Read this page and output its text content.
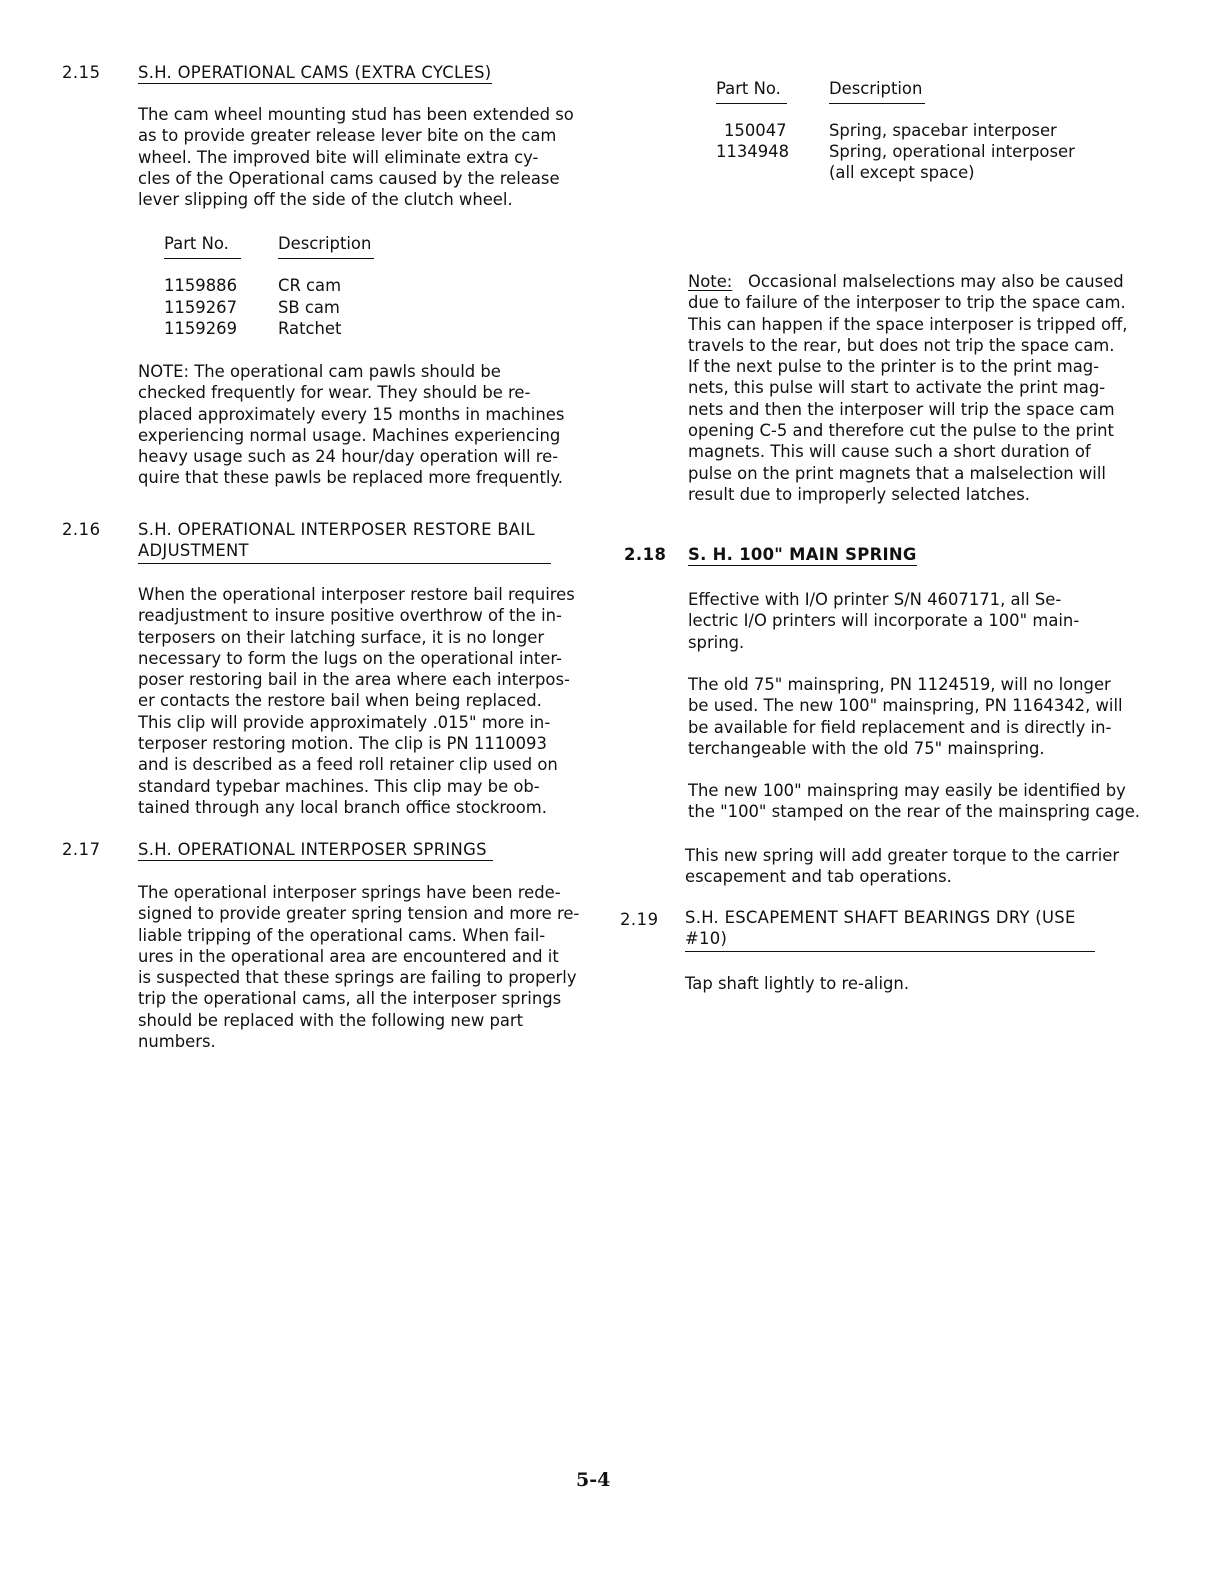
2.15 S.H. OPERATIONAL CAMS (EXTRA CYCLES)
The cam wheel mounting stud has been extended so
as to provide greater release lever bite on the cam
wheel. The improved bite will eliminate extra cy-
cles of the Operational cams caused by the release
lever slipping off the side of the clutch wheel.
Part No.	Description
1159886	CR cam
1159267	SB cam
1159269	Ratchet
NOTE: The operational cam pawls should be
checked frequently for wear. They should be re-
placed approximately every 15 months in machines
experiencing normal usage. Machines experiencing
heavy usage such as 24 hour/day operation will re-
quire that these pawls be replaced more frequently.
2.16 S.H. OPERATIONAL INTERPOSER RESTORE BAIL
ADJUSTMENT
When the operational interposer restore bail requires
readjustment to insure positive overthrow of the in-
terposers on their latching surface, it is no longer
necessary to form the lugs on the operational inter-
poser restoring bail in the area where each interpos-
er contacts the restore bail when being replaced.
This clip will provide approximately .015" more in-
terposer restoring motion. The clip is PN 1110093
and is described as a feed roll retainer clip used on
standard typebar machines. This clip may be ob-
tained through any local branch office stockroom.
2.17 S.H. OPERATIONAL INTERPOSER SPRINGS
The operational interposer springs have been rede-
signed to provide greater spring tension and more re-
liable tripping of the operational cams. When fail-
ures in the operational area are encountered and it
is suspected that these springs are failing to properly
trip the operational cams, all the interposer springs
should be replaced with the following new part
numbers.
Part No.	Description
150047	Spring, spacebar interposer
1134948 Spring, operational interposer
(all except space)
Note:   Occasional malselections may also be caused
due to failure of the interposer to trip the space cam.
This can happen if the space interposer is tripped off,
travels to the rear, but does not trip the space cam.
If the next pulse to the printer is to the print mag-
nets, this pulse will start to activate the print mag-
nets and then the interposer will trip the space cam
opening C-5 and therefore cut the pulse to the print
magnets. This will cause such a short duration of
pulse on the print magnets that a malselection will
result due to improperly selected latches.
2.18 S. H. 100" MAIN SPRING
Effective with I/O printer S/N 4607171, all Se-
lectric I/O printers will incorporate a 100" main-
spring.
The old 75" mainspring, PN 1124519, will no longer
be used. The new 100" mainspring, PN 1164342, will
be available for field replacement and is directly in-
terchangeable with the old 75" mainspring.
The new 100" mainspring may easily be identified by
the "100" stamped on the rear of the mainspring cage.
This new spring will add greater torque to the carrier
escapement and tab operations.
2.19 S.H. ESCAPEMENT SHAFT BEARINGS DRY (USE
#10)
Tap shaft lightly to re-align.
5-4
